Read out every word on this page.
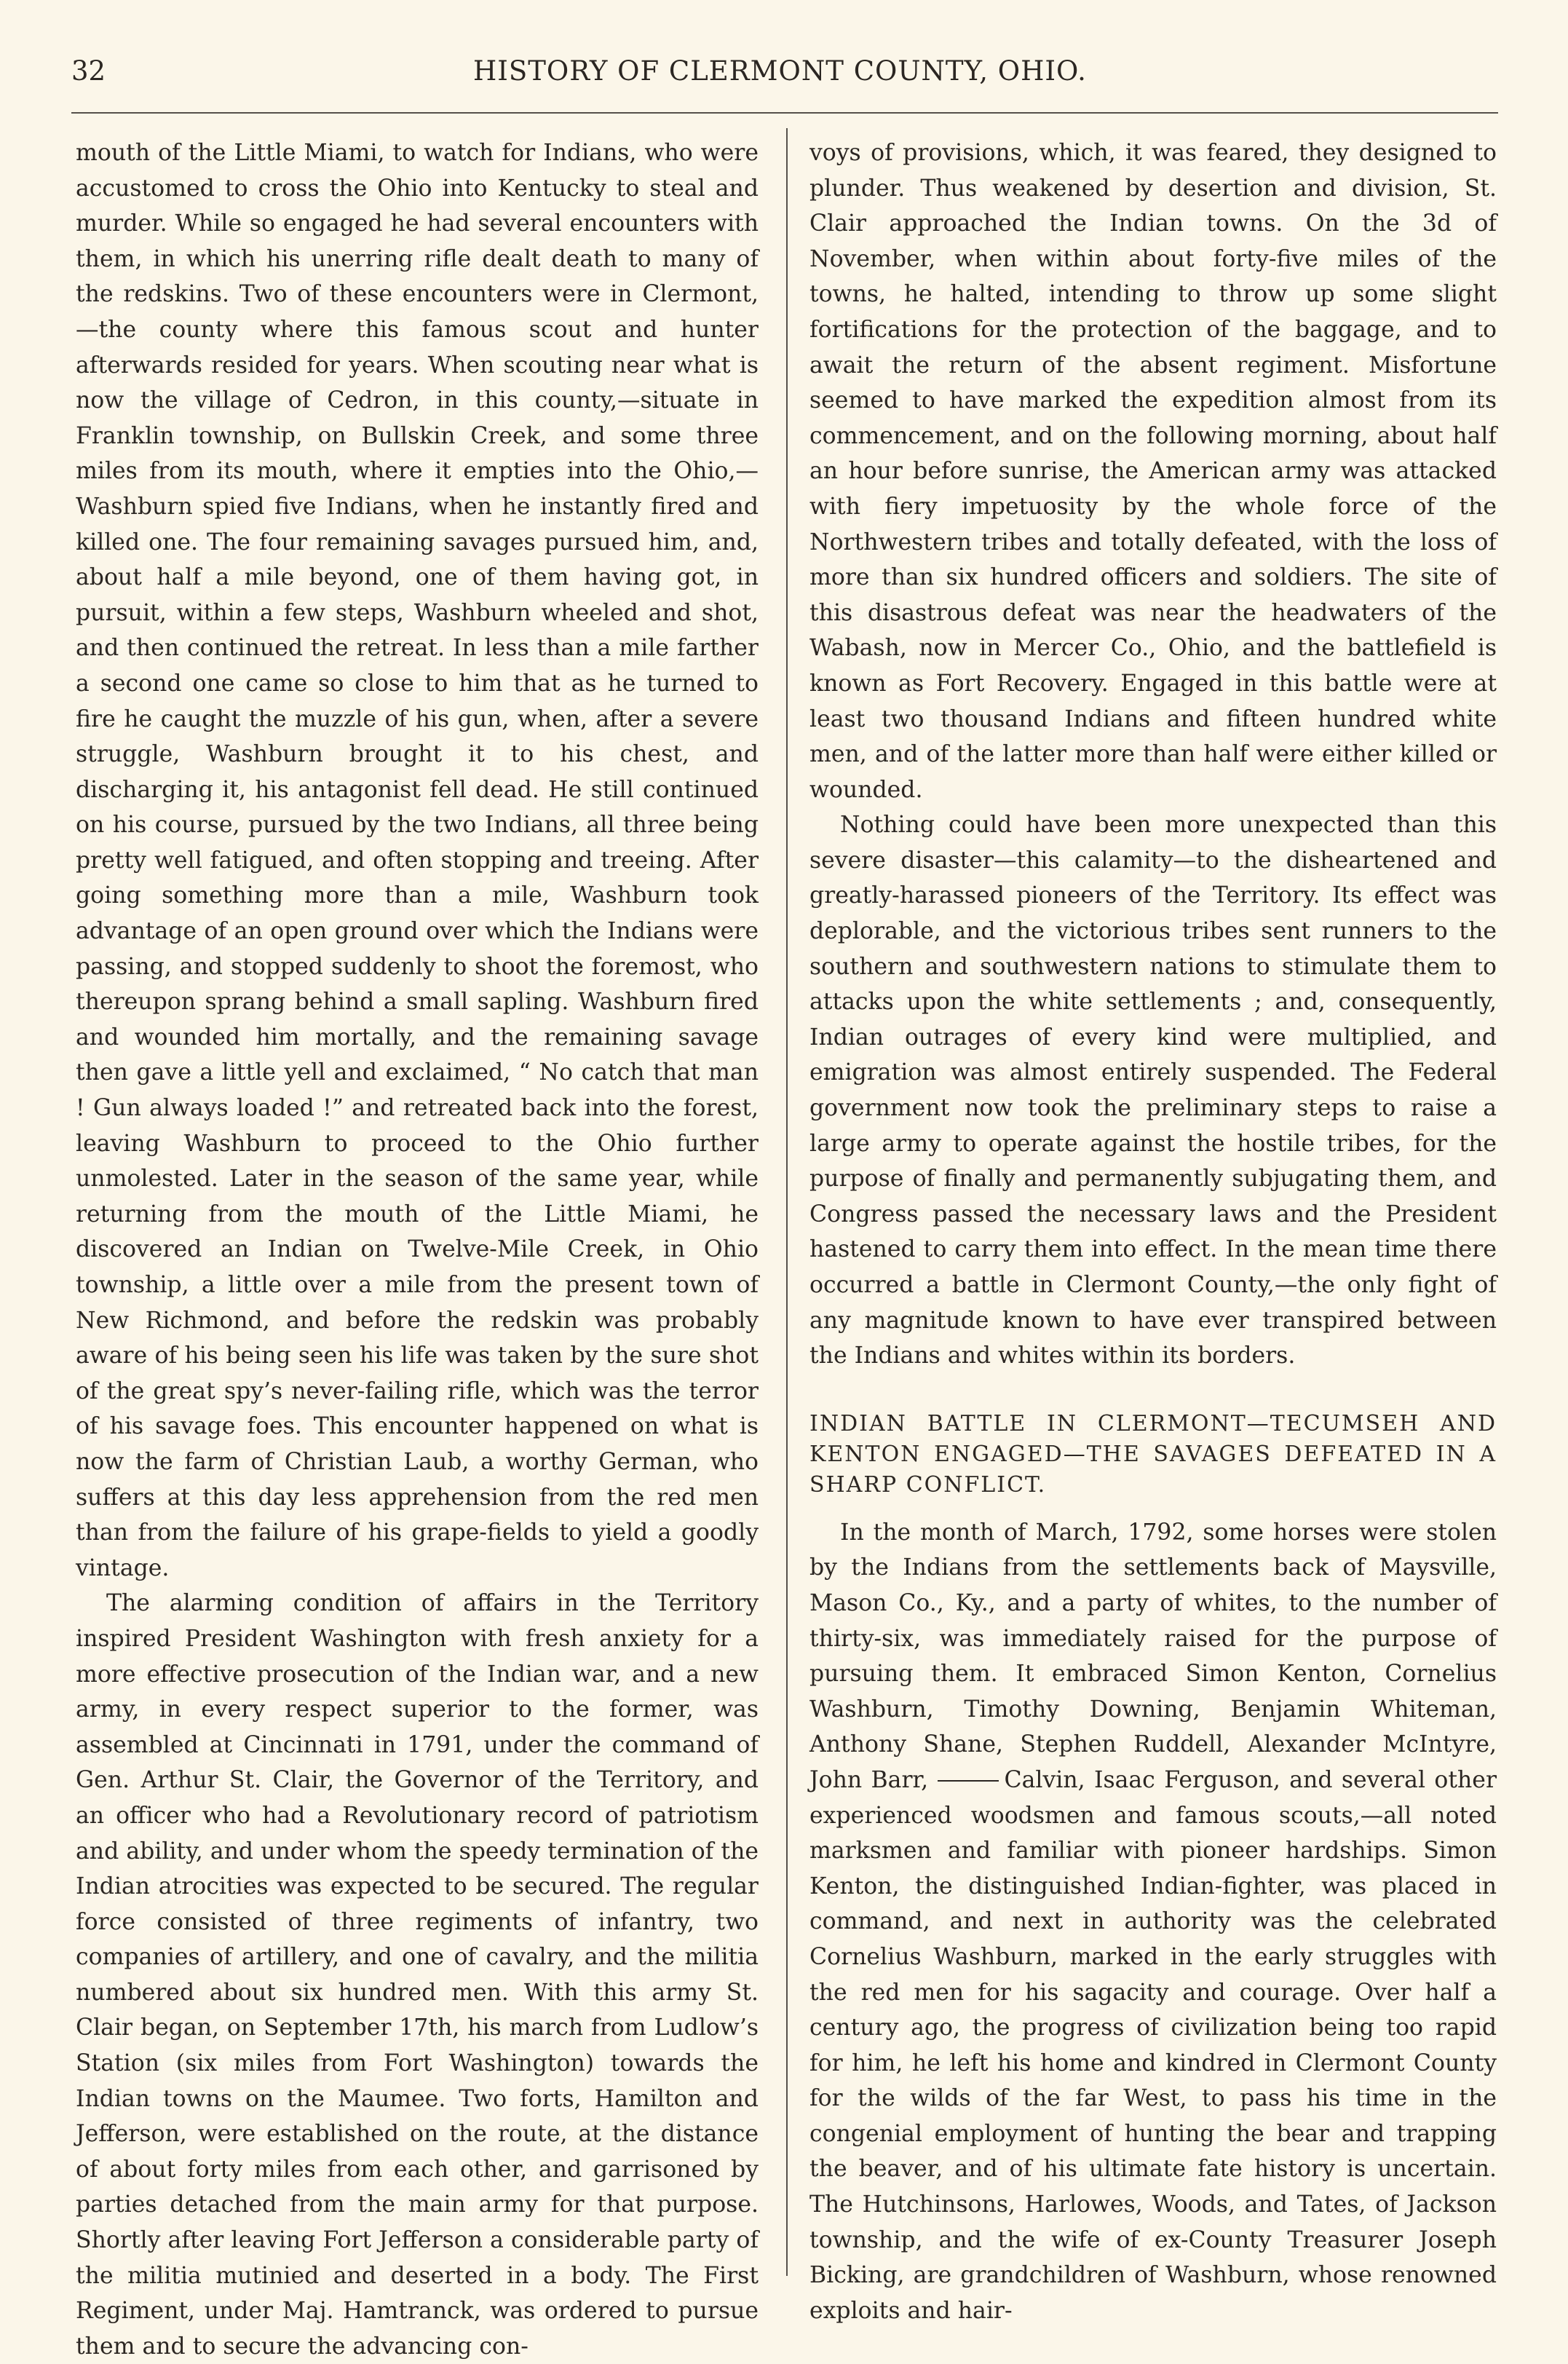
32	HISTORY OF CLERMONT COUNTY, OHIO.

mouth of the Little Miami, to watch for Indians, who were accustomed to cross the Ohio into Kentucky to steal and murder. While so engaged he had several encounters with them, in which his unerring rifle dealt death to many of the redskins. Two of these encounters were in Clermont, —the county where this famous scout and hunter afterwards resided for years. When scouting near what is now the village of Cedron, in this county,—situate in Franklin township, on Bullskin Creek, and some three miles from its mouth, where it empties into the Ohio,—Washburn spied five Indians, when he instantly fired and killed one. The four remaining savages pursued him, and, about half a mile beyond, one of them having got, in pursuit, within a few steps, Washburn wheeled and shot, and then continued the retreat. In less than a mile farther a second one came so close to him that as he turned to fire he caught the muzzle of his gun, when, after a severe struggle, Washburn brought it to his chest, and discharging it, his antagonist fell dead. He still continued on his course, pursued by the two Indians, all three being pretty well fatigued, and often stopping and treeing. After going something more than a mile, Washburn took advantage of an open ground over which the Indians were passing, and stopped suddenly to shoot the foremost, who thereupon sprang behind a small sapling. Washburn fired and wounded him mortally, and the remaining savage then gave a little yell and exclaimed, “ No catch that man ! Gun always loaded !” and retreated back into the forest, leaving Washburn to proceed to the Ohio further unmolested. Later in the season of the same year, while returning from the mouth of the Little Miami, he discovered an Indian on Twelve-Mile Creek, in Ohio township, a little over a mile from the present town of New Richmond, and before the redskin was probably aware of his being seen his life was taken by the sure shot of the great spy’s never-failing rifle, which was the terror of his savage foes. This encounter happened on what is now the farm of Christian Laub, a worthy German, who suffers at this day less apprehension from the red men than from the failure of his grape-fields to yield a goodly vintage.

The alarming condition of affairs in the Territory inspired President Washington with fresh anxiety for a more effective prosecution of the Indian war, and a new army, in every respect superior to the former, was assembled at Cincinnati in 1791, under the command of Gen. Arthur St. Clair, the Governor of the Territory, and an officer who had a Revolutionary record of patriotism and ability, and under whom the speedy termination of the Indian atrocities was expected to be secured. The regular force consisted of three regiments of infantry, two companies of artillery, and one of cavalry, and the militia numbered about six hundred men. With this army St. Clair began, on September 17th, his march from Ludlow’s Station (six miles from Fort Washington) towards the Indian towns on the Maumee. Two forts, Hamilton and Jefferson, were established on the route, at the distance of about forty miles from each other, and garrisoned by parties detached from the main army for that purpose. Shortly after leaving Fort Jefferson a considerable party of the militia mutinied and deserted in a body. The First Regiment, under Maj. Hamtranck, was ordered to pursue them and to secure the advancing con-

voys of provisions, which, it was feared, they designed to plunder. Thus weakened by desertion and division, St. Clair approached the Indian towns. On the 3d of November, when within about forty-five miles of the towns, he halted, intending to throw up some slight fortifications for the protection of the baggage, and to await the return of the absent regiment. Misfortune seemed to have marked the expedition almost from its commencement, and on the following morning, about half an hour before sunrise, the American army was attacked with fiery impetuosity by the whole force of the Northwestern tribes and totally defeated, with the loss of more than six hundred officers and soldiers. The site of this disastrous defeat was near the headwaters of the Wabash, now in Mercer Co., Ohio, and the battlefield is known as Fort Recovery. Engaged in this battle were at least two thousand Indians and fifteen hundred white men, and of the latter more than half were either killed or wounded.

Nothing could have been more unexpected than this severe disaster—this calamity—to the disheartened and greatly-harassed pioneers of the Territory. Its effect was deplorable, and the victorious tribes sent runners to the southern and southwestern nations to stimulate them to attacks upon the white settlements ; and, consequently, Indian outrages of every kind were multiplied, and emigration was almost entirely suspended. The Federal government now took the preliminary steps to raise a large army to operate against the hostile tribes, for the purpose of finally and permanently subjugating them, and Congress passed the necessary laws and the President hastened to carry them into effect. In the mean time there occurred a battle in Clermont County,—the only fight of any magnitude known to have ever transpired between the Indians and whites within its borders.

INDIAN BATTLE IN CLERMONT—TECUMSEH AND KENTON ENGAGED—THE SAVAGES DEFEATED IN A SHARP CONFLICT.

In the month of March, 1792, some horses were stolen by the Indians from the settlements back of Maysville, Mason Co., Ky., and a party of whites, to the number of thirty-six, was immediately raised for the purpose of pursuing them. It embraced Simon Kenton, Cornelius Washburn, Timothy Downing, Benjamin Whiteman, Anthony Shane, Stephen Ruddell, Alexander McIntyre, John Barr,	Calvin, Isaac Ferguson, and several other experienced woodsmen and famous scouts,—all noted marksmen and familiar with pioneer hardships. Simon Kenton, the distinguished Indian-fighter, was placed in command, and next in authority was the celebrated Cornelius Washburn, marked in the early struggles with the red men for his sagacity and courage. Over half a century ago, the progress of civilization being too rapid for him, he left his home and kindred in Clermont County for the wilds of the far West, to pass his time in the congenial employment of hunting the bear and trapping the beaver, and of his ultimate fate history is uncertain. The Hutchinsons, Harlowes, Woods, and Tates, of Jackson township, and the wife of ex-County Treasurer Joseph Bicking, are grandchildren of Washburn, whose renowned exploits and hair-
